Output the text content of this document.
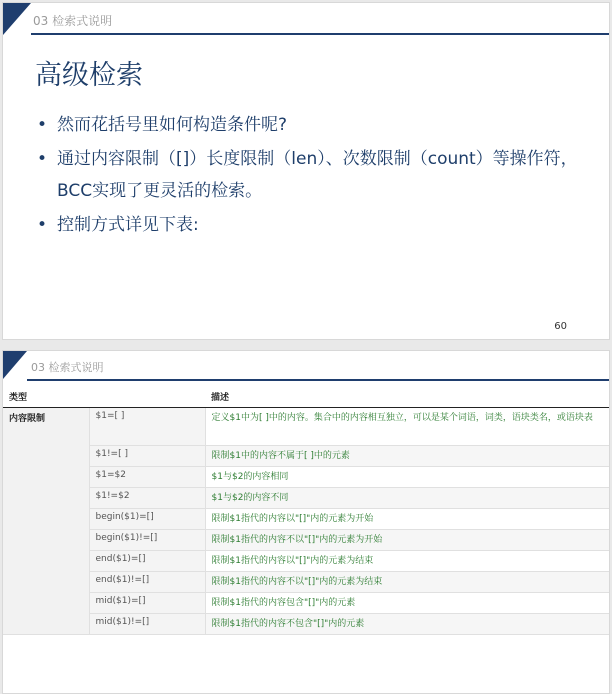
03 检索式说明
高级检索
• 然而花括号里如何构造条件呢?
• 通过内容限制（[]）长度限制（len）、次数限制（count）等操作符，BCC实现了更灵活的检索。
• 控制方式详见下表:
60
03 检索式说明
类型		描述
内容限制	$1=[ ]	定义$1中为[ ]中的内容。集合中的内容相互独立，可以是某个词语，词类，语块类名，或语块表
	$1!=[ ]	限制$1中的内容不属于[ ]中的元素
	$1=$2	$1与$2的内容相同
	$1!=$2	$1与$2的内容不同
	begin($1)=[]	限制$1指代的内容以"[]"内的元素为开始
	begin($1)!=[]	限制$1指代的内容不以"[]"内的元素为开始
	end($1)=[]	限制$1指代的内容以"[]"内的元素为结束
	end($1)!=[]	限制$1指代的内容不以"[]"内的元素为结束
	mid($1)=[]	限制$1指代的内容包含"[]"内的元素
	mid($1)!=[]	限制$1指代的内容不包含"[]"内的元素
